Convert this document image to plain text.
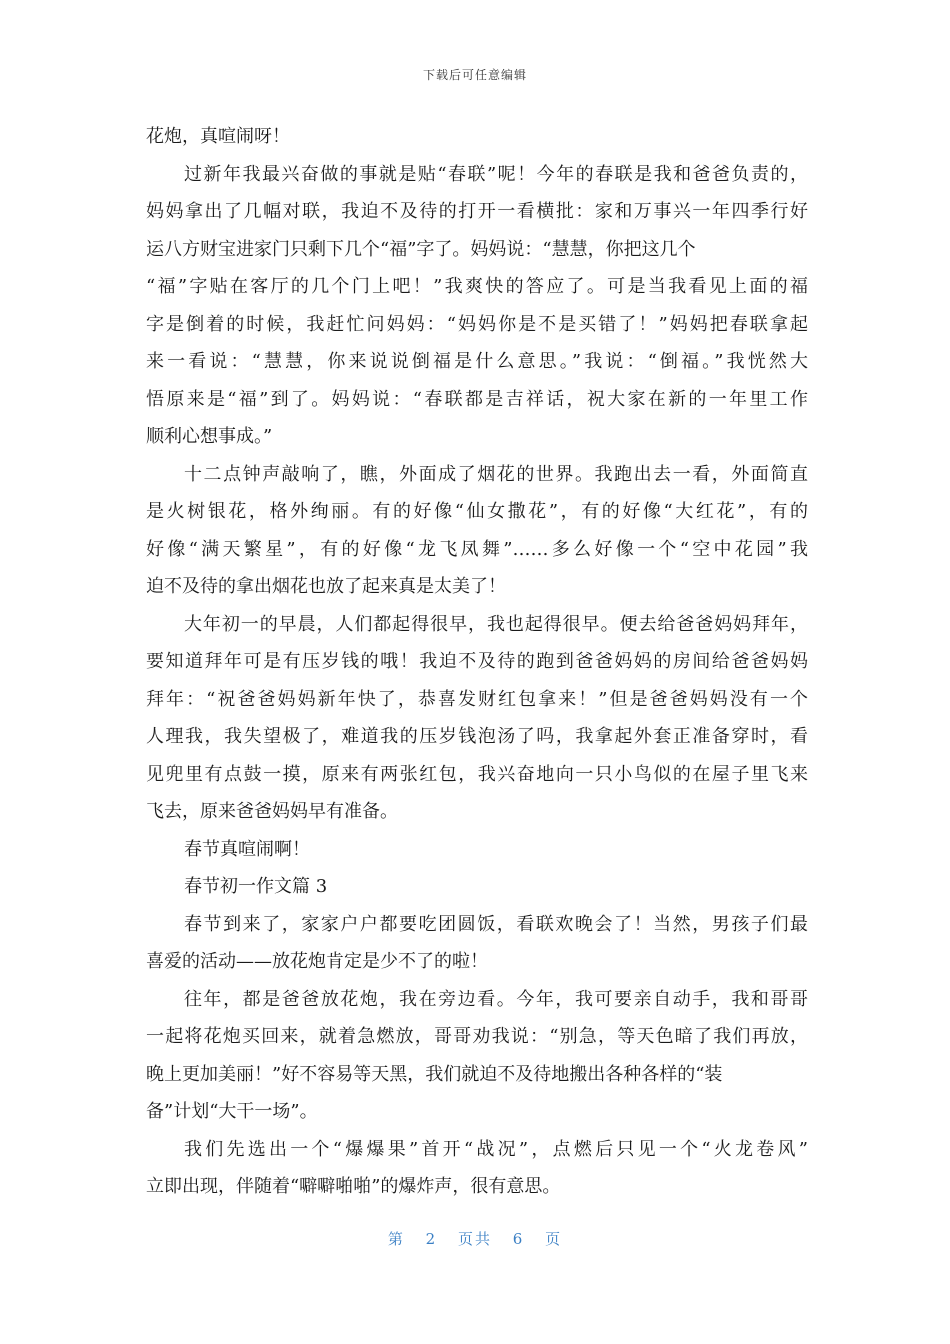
下载后可任意编辑
花炮，真喧闹呀！
过新年我最兴奋做的事就是贴“春联”呢！今年的春联是我和爸爸负责的，
妈妈拿出了几幅对联，我迫不及待的打开一看横批：家和万事兴一年四季行好
运八方财宝进家门只剩下几个“福”字了。妈妈说：“慧慧，你把这几个
“福”字贴在客厅的几个门上吧！”我爽快的答应了。可是当我看见上面的福
字是倒着的时候，我赶忙问妈妈：“妈妈你是不是买错了！”妈妈把春联拿起
来一看说：“慧慧，你来说说倒福是什么意思。”我说：“倒福。”我恍然大
悟原来是“福”到了。妈妈说：“春联都是吉祥话，祝大家在新的一年里工作
顺利心想事成。”
十二点钟声敲响了，瞧，外面成了烟花的世界。我跑出去一看，外面简直
是火树银花，格外绚丽。有的好像“仙女撒花”，有的好像“大红花”，有的
好像“满天繁星”，有的好像“龙飞凤舞”……多么好像一个“空中花园”我
迫不及待的拿出烟花也放了起来真是太美了！
大年初一的早晨，人们都起得很早，我也起得很早。便去给爸爸妈妈拜年，
要知道拜年可是有压岁钱的哦！我迫不及待的跑到爸爸妈妈的房间给爸爸妈妈
拜年：“祝爸爸妈妈新年快了，恭喜发财红包拿来！”但是爸爸妈妈没有一个
人理我，我失望极了，难道我的压岁钱泡汤了吗，我拿起外套正准备穿时，看
见兜里有点鼓一摸，原来有两张红包，我兴奋地向一只小鸟似的在屋子里飞来
飞去，原来爸爸妈妈早有准备。
春节真喧闹啊！
春节初一作文篇 3
春节到来了，家家户户都要吃团圆饭，看联欢晚会了！当然，男孩子们最
喜爱的活动——放花炮肯定是少不了的啦！
往年，都是爸爸放花炮，我在旁边看。今年，我可要亲自动手，我和哥哥
一起将花炮买回来，就着急燃放，哥哥劝我说：“别急，等天色暗了我们再放，
晚上更加美丽！”好不容易等天黑，我们就迫不及待地搬出各种各样的“装
备”计划“大干一场”。
我们先选出一个“爆爆果”首开“战况”，点燃后只见一个“火龙卷风”
立即出现，伴随着“噼噼啪啪”的爆炸声，很有意思。
第 2 页共 6 页
